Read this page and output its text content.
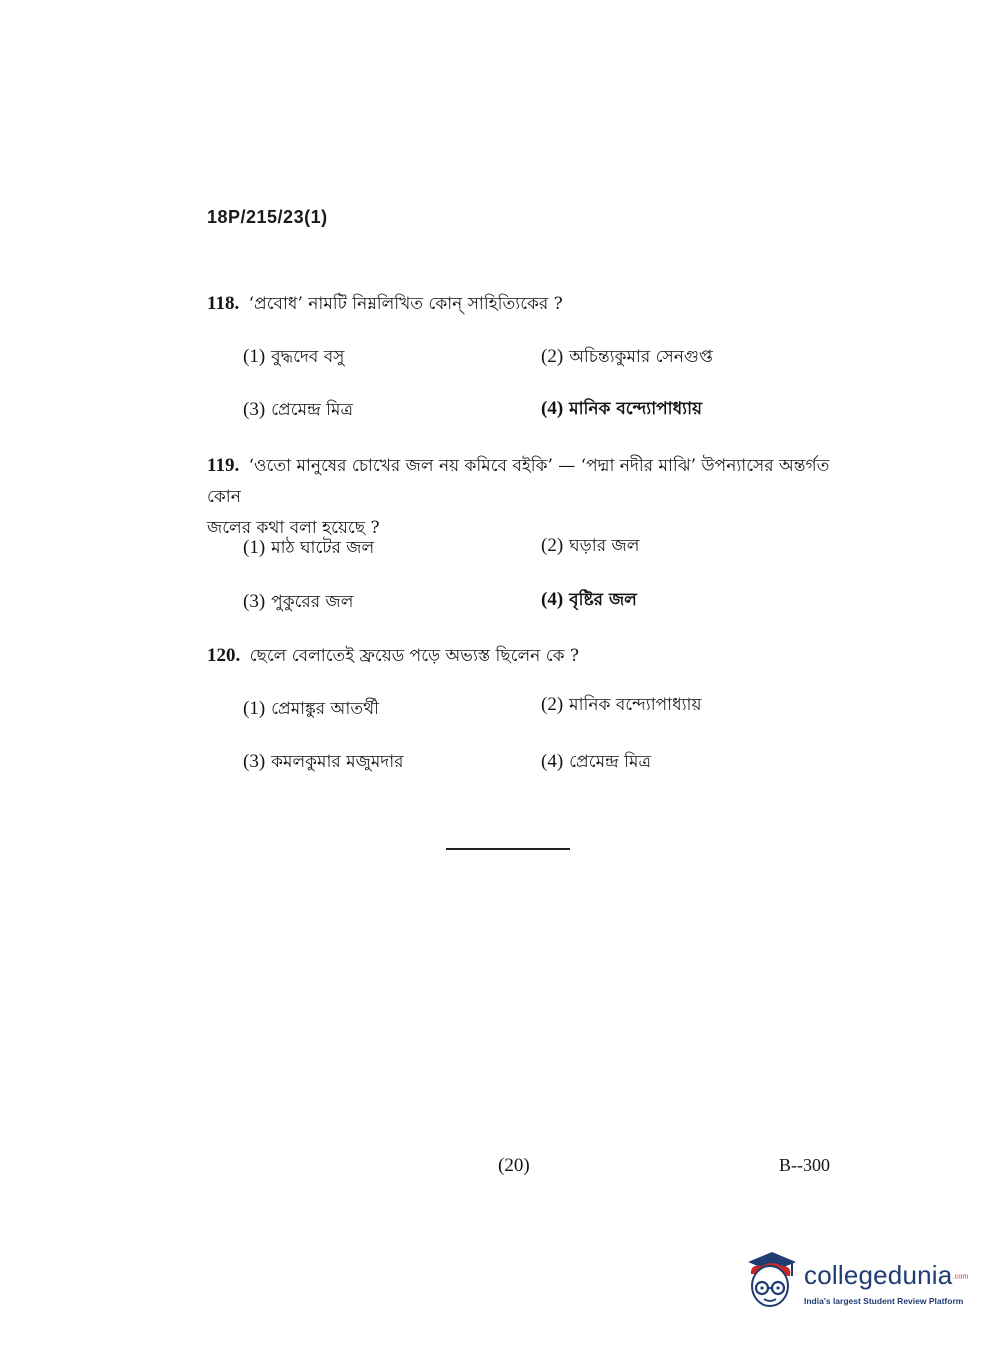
18P/215/23(1)
118. ‘প্রবোধ’ নামটি নিম্নলিখিত কোন্ সাহিত্যিকের ?
(1) বুদ্ধদেব বসু	(2) অচিন্ত্যকুমার সেনগুপ্ত
(3) প্রেমেন্দ্র মিত্র	(4) মানিক বন্দ্যোপাধ্যায়
119. ‘ওতো মানুষের চোখের জল নয় কমিবে বইকি’ — ‘পদ্মা নদীর মাঝি’ উপন্যাসের অন্তর্গত কোন
জলের কথা বলা হয়েছে ?
(1) মাঠ ঘাটের জল	(2) ঘড়ার জল
(3) পুকুরের জল	(4) বৃষ্টির জল
120. ছেলে বেলাতেই ফ্রয়েড পড়ে অভ্যস্ত ছিলেন কে ?
(1) প্রেমাঙ্কুর আতর্থী	(2) মানিক বন্দ্যোপাধ্যায়
(3) কমলকুমার মজুমদার	(4) প্রেমেন্দ্র মিত্র
(20)	B--300
collegedunia.com
India's largest Student Review Platform
